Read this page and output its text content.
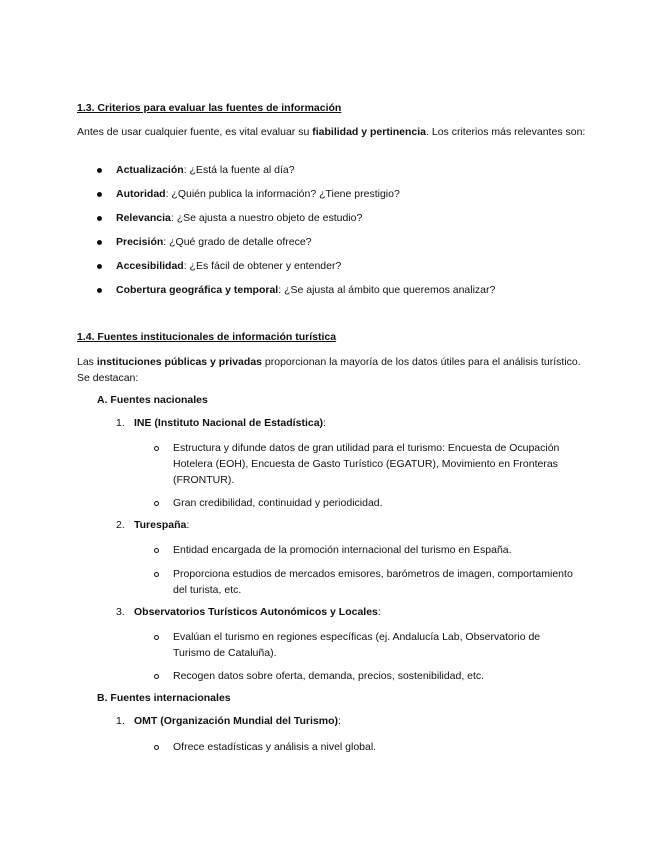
1.3. Criterios para evaluar las fuentes de información
Antes de usar cualquier fuente, es vital evaluar su fiabilidad y pertinencia. Los criterios más relevantes son:
Actualización: ¿Está la fuente al día?
Autoridad: ¿Quién publica la información? ¿Tiene prestigio?
Relevancia: ¿Se ajusta a nuestro objeto de estudio?
Precisión: ¿Qué grado de detalle ofrece?
Accesibilidad: ¿Es fácil de obtener y entender?
Cobertura geográfica y temporal: ¿Se ajusta al ámbito que queremos analizar?
1.4. Fuentes institucionales de información turística
Las instituciones públicas y privadas proporcionan la mayoría de los datos útiles para el análisis turístico. Se destacan:
A. Fuentes nacionales
1. INE (Instituto Nacional de Estadística):
Estructura y difunde datos de gran utilidad para el turismo: Encuesta de Ocupación Hotelera (EOH), Encuesta de Gasto Turístico (EGATUR), Movimiento en Fronteras (FRONTUR).
Gran credibilidad, continuidad y periodicidad.
2. Turespaña:
Entidad encargada de la promoción internacional del turismo en España.
Proporciona estudios de mercados emisores, barómetros de imagen, comportamiento del turista, etc.
3. Observatorios Turísticos Autonómicos y Locales:
Evalúan el turismo en regiones específicas (ej. Andalucía Lab, Observatorio de Turismo de Cataluña).
Recogen datos sobre oferta, demanda, precios, sostenibilidad, etc.
B. Fuentes internacionales
1. OMT (Organización Mundial del Turismo):
Ofrece estadísticas y análisis a nivel global.
